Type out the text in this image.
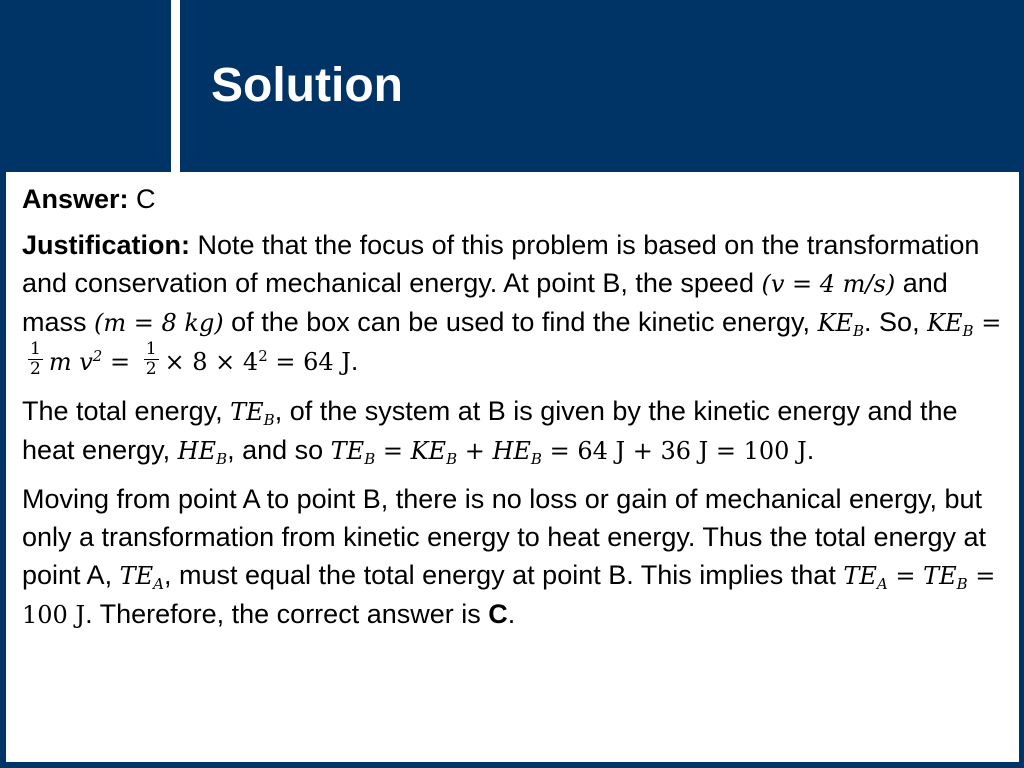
Solution

Answer: C

Justification: Note that the focus of this problem is based on the transformation and conservation of mechanical energy. At point B, the speed (v = 4 m/s) and mass (m = 8 kg) of the box can be used to find the kinetic energy, $KE_B$. So, $KE_B$ =
$\frac{1}{2}$ m $v^2 = \frac{1}{2} \times 8 \times 4^2 = 64$ J.

The total energy, $TE_B$, of the system at B is given by the kinetic energy and the heat energy, $HE_B$, and so $TE_B = KE_B + HE_B = 64$ J + 36 J = 100 J.

Moving from point A to point B, there is no loss or gain of mechanical energy, but only a transformation from kinetic energy to heat energy. Thus the total energy at point A, $TE_A$, must equal the total energy at point B. This implies that $TE_A = TE_B = 100$ J. Therefore, the correct answer is C.
